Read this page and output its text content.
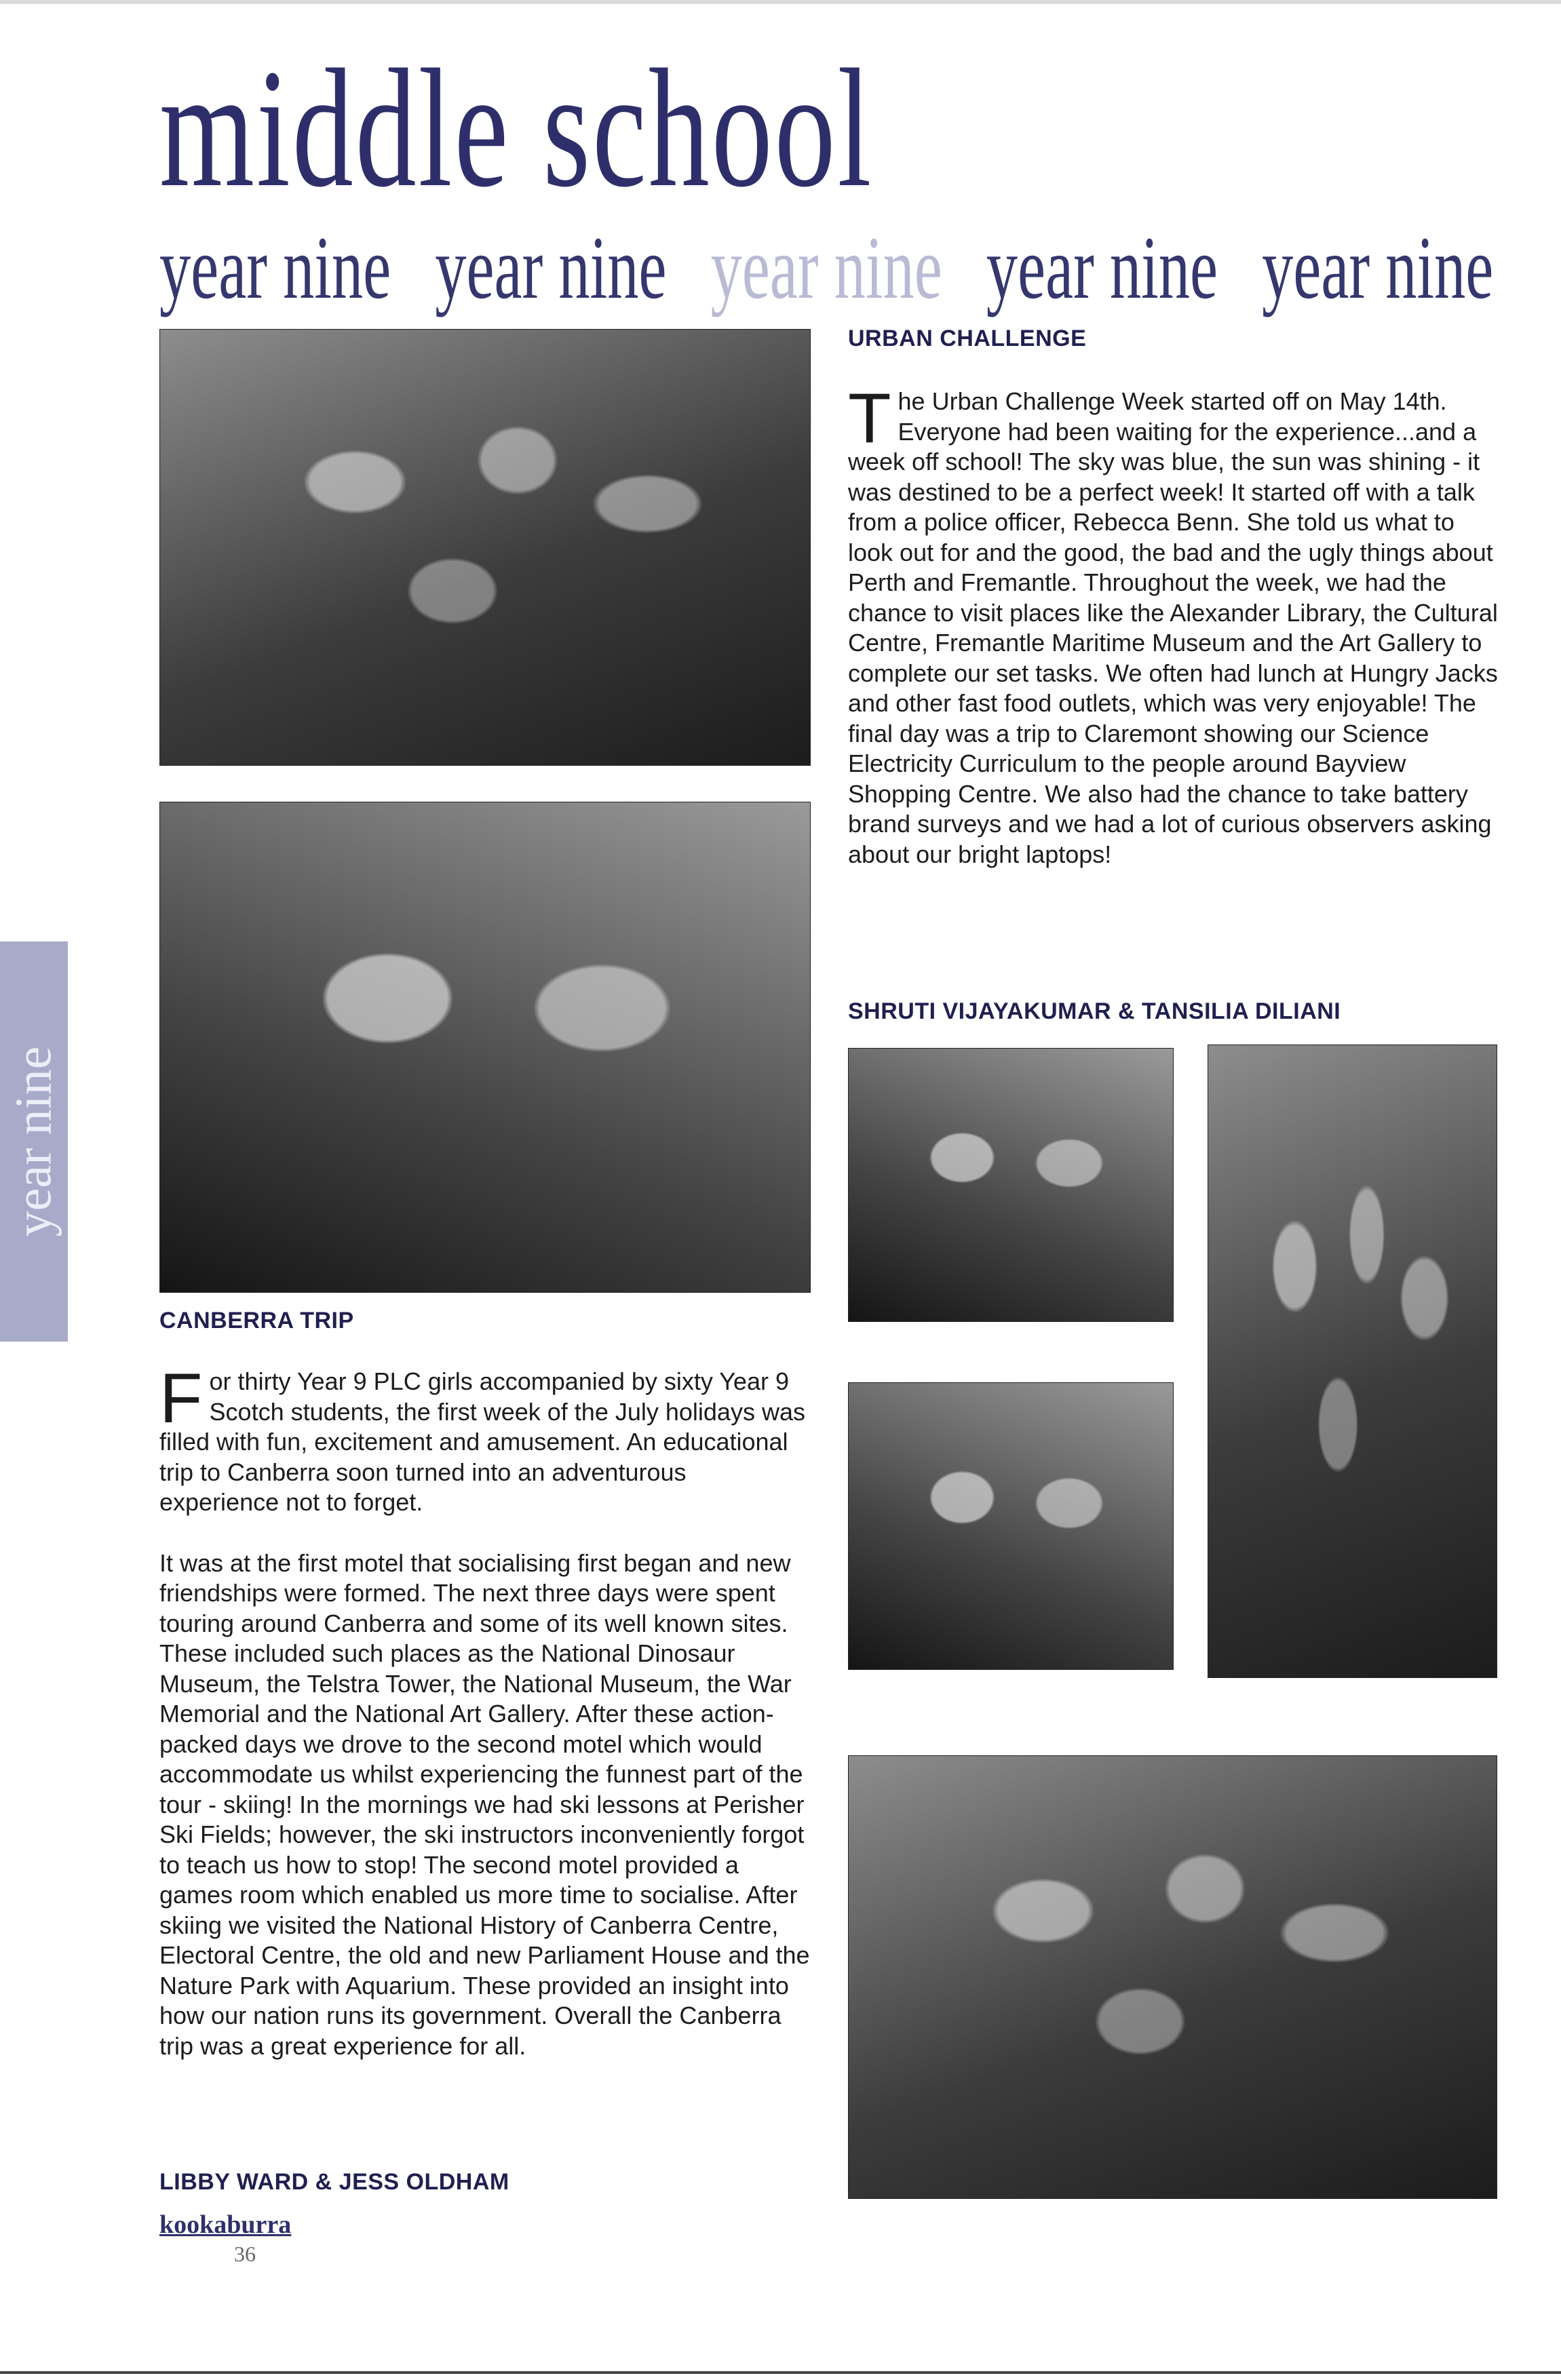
middle school
year nine year nine year nine year nine year nine
year nine
CANBERRA TRIP

For thirty Year 9 PLC girls accompanied by sixty Year 9 Scotch students, the first week of the July holidays was filled with fun, excitement and amusement. An educational trip to Canberra soon turned into an adventurous experience not to forget.

It was at the first motel that socialising first began and new friendships were formed. The next three days were spent touring around Canberra and some of its well known sites. These included such places as the National Dinosaur Museum, the Telstra Tower, the National Museum, the War Memorial and the National Art Gallery. After these action-packed days we drove to the second motel which would accommodate us whilst experiencing the funnest part of the tour - skiing! In the mornings we had ski lessons at Perisher Ski Fields; however, the ski instructors inconveniently forgot to teach us how to stop! The second motel provided a games room which enabled us more time to socialise. After skiing we visited the National History of Canberra Centre, Electoral Centre, the old and new Parliament House and the Nature Park with Aquarium. These provided an insight into how our nation runs its government. Overall the Canberra trip was a great experience for all.

LIBBY WARD & JESS OLDHAM
URBAN CHALLENGE

The Urban Challenge Week started off on May 14th. Everyone had been waiting for the experience...and a week off school! The sky was blue, the sun was shining - it was destined to be a perfect week! It started off with a talk from a police officer, Rebecca Benn. She told us what to look out for and the good, the bad and the ugly things about Perth and Fremantle. Throughout the week, we had the chance to visit places like the Alexander Library, the Cultural Centre, Fremantle Maritime Museum and the Art Gallery to complete our set tasks. We often had lunch at Hungry Jacks and other fast food outlets, which was very enjoyable! The final day was a trip to Claremont showing our Science Electricity Curriculum to the people around Bayview Shopping Centre. We also had the chance to take battery brand surveys and we had a lot of curious observers asking about our bright laptops!

SHRUTI VIJAYAKUMAR & TANSILIA DILIANI
kookaburra
36
